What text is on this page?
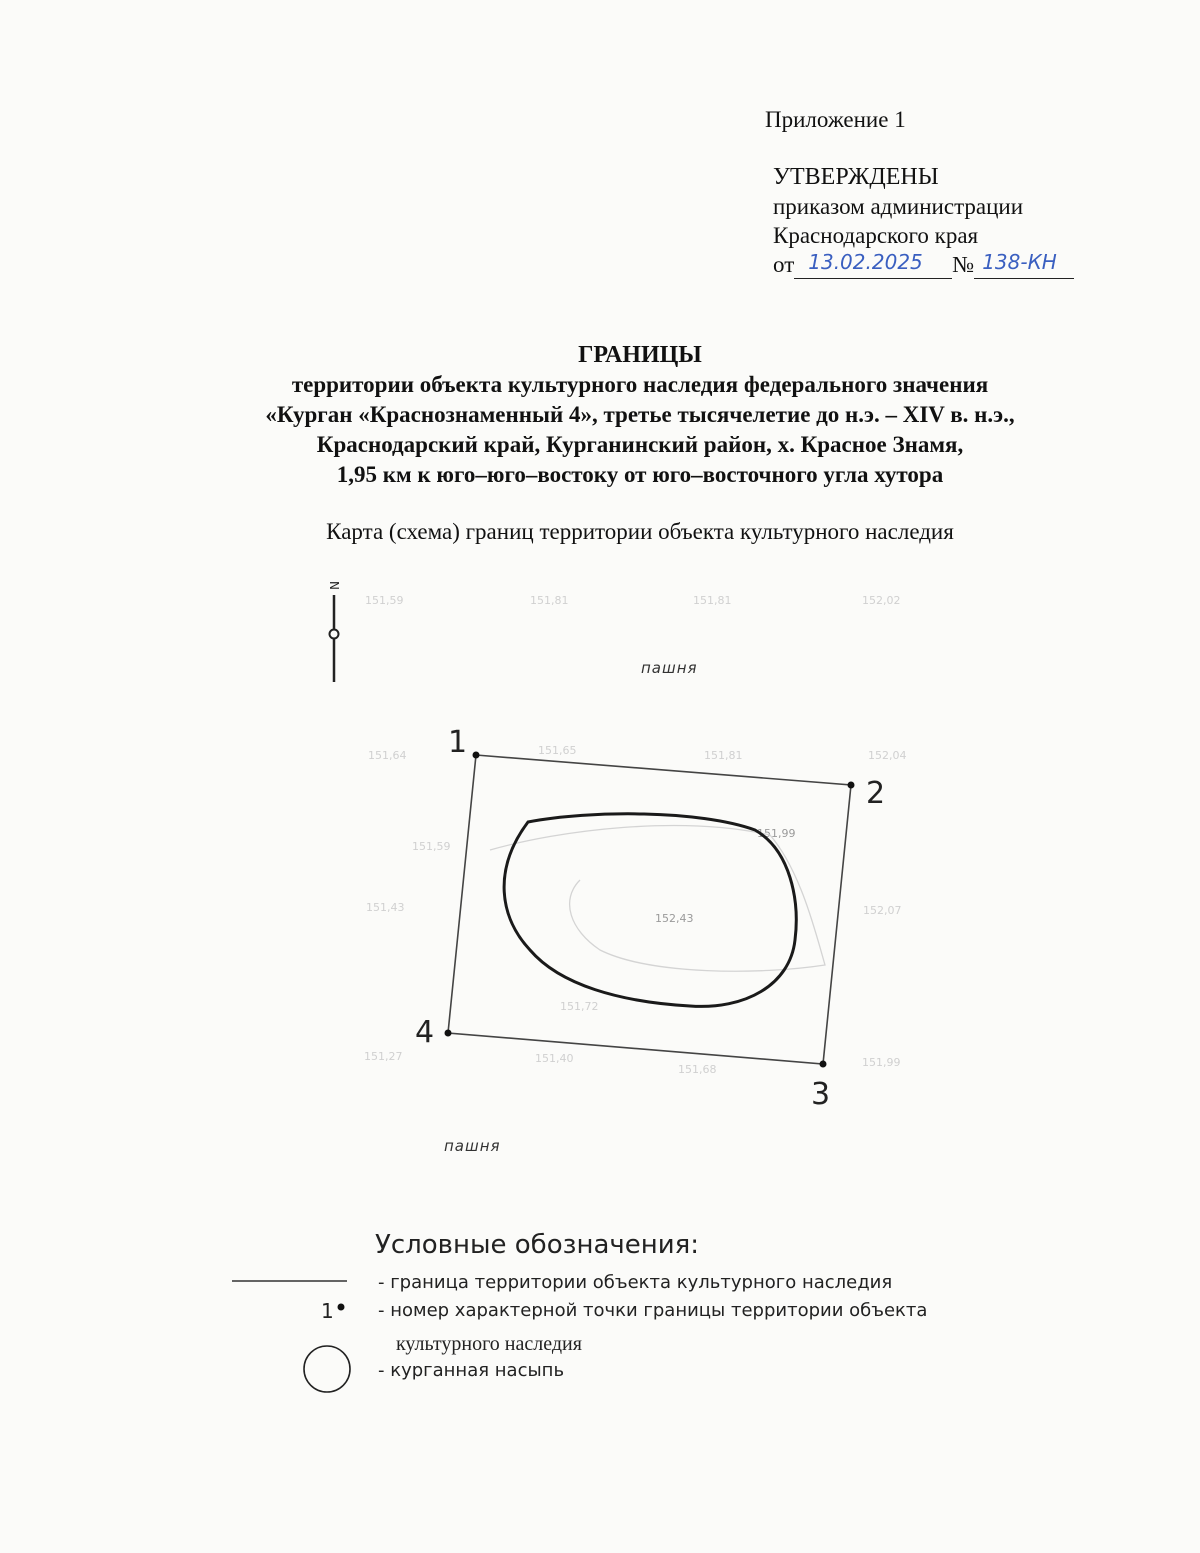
Приложение 1
УТВЕРЖДЕНЫ
приказом администрации
Краснодарского края
от 13.02.2025 № 138-КН
ГРАНИЦЫ
территории объекта культурного наследия федерального значения
«Курган «Краснознаменный 4», третье тысячелетие до н.э. – XIV в. н.э.,
Краснодарский край, Курганинский район, х. Красное Знамя,
1,95 км к юго–юго–востоку от юго–восточного угла хутора
Карта (схема) границ территории объекта культурного наследия
N
151,59	151,81	151,81	152,02
151,64	151,65	151,81	152,04
151,59
151,99
151,43
152,43
152,07
151,72
151,27	151,40
151,68
151,99
1
2
3
4
пашня
пашня
1
Условные обозначения:
- граница территории объекта культурного наследия
- номер характерной точки границы территории объекта
культурного наследия
- курганная насыпь
